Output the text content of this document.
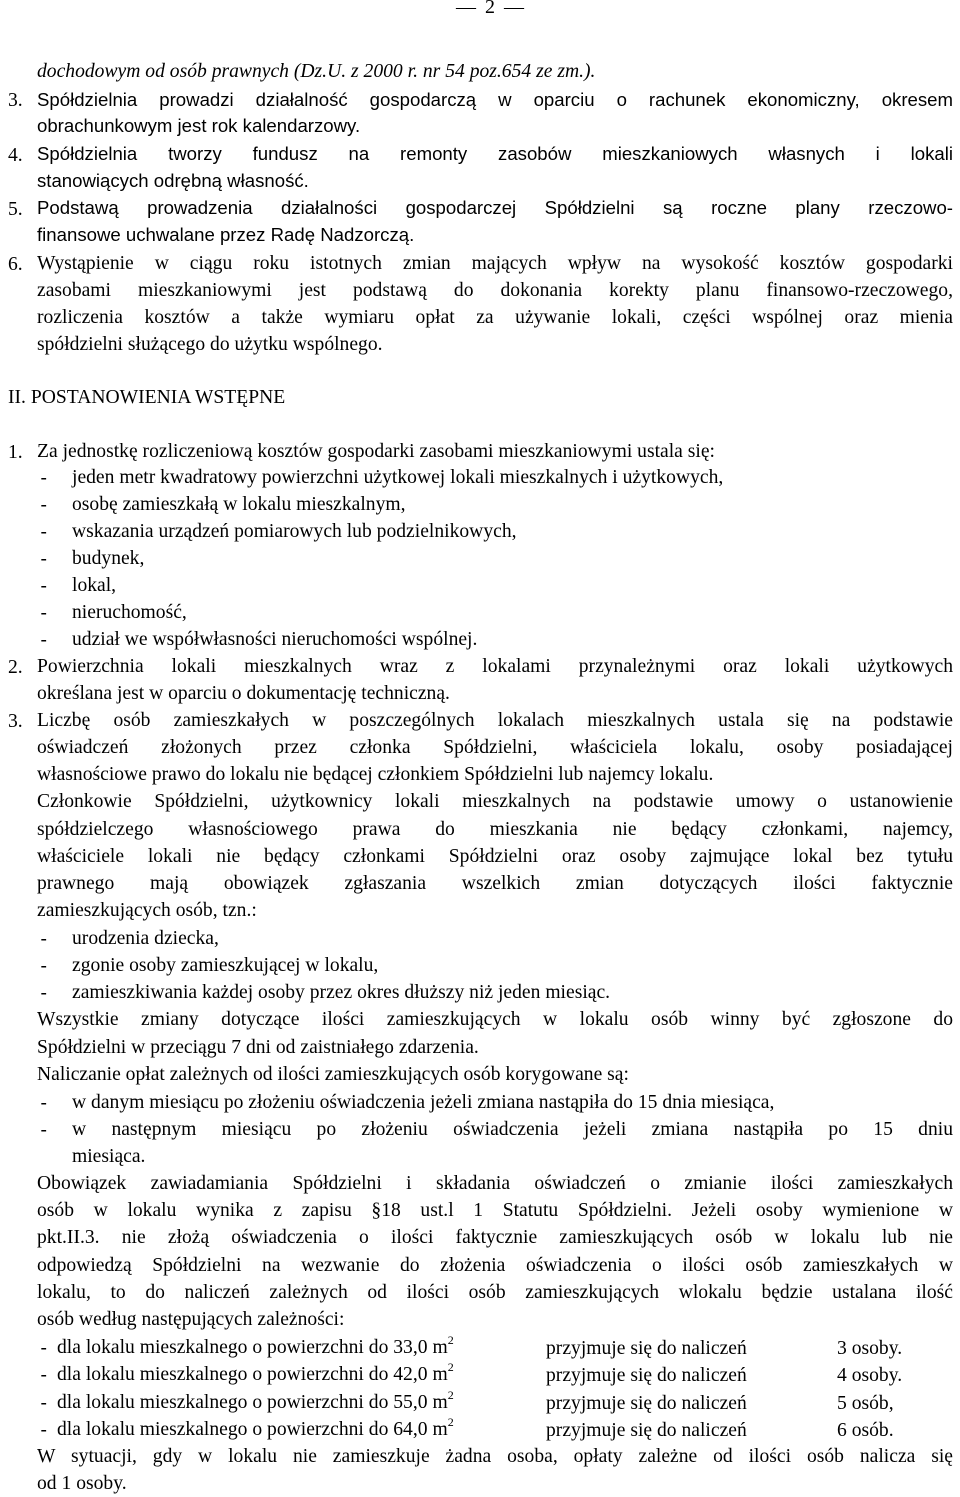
— 2 —
dochodowym od osób prawnych (Dz.U. z 2000 r. nr 54 poz.654 ze zm.).
3. Spółdzielnia prowadzi działalność gospodarczą w oparciu o rachunek ekonomiczny, okresem
obrachunkowym jest rok kalendarzowy.
4. Spółdzielnia tworzy fundusz na remonty zasobów mieszkaniowych własnych i lokali
stanowiących odrębną własność.
5. Podstawą prowadzenia działalności gospodarczej Spółdzielni są roczne plany rzeczowo-
finansowe uchwalane przez Radę Nadzorczą.
6. Wystąpienie w ciągu roku istotnych zmian mających wpływ na wysokość kosztów gospodarki
zasobami mieszkaniowymi jest podstawą do dokonania korekty planu finansowo-rzeczowego,
rozliczenia kosztów a także wymiaru opłat za używanie lokali, części wspólnej oraz mienia
spółdzielni służącego do użytku wspólnego.
II. POSTANOWIENIA WSTĘPNE
1. Za jednostkę rozliczeniową kosztów gospodarki zasobami mieszkaniowymi ustala się:
- jeden metr kwadratowy powierzchni użytkowej lokali mieszkalnych i użytkowych,
- osobę zamieszkałą w lokalu mieszkalnym,
- wskazania urządzeń pomiarowych lub podzielnikowych,
- budynek,
- lokal,
- nieruchomość,
- udział we współwłasności nieruchomości wspólnej.
2. Powierzchnia lokali mieszkalnych wraz z lokalami przynależnymi oraz lokali użytkowych
określana jest w oparciu o dokumentację techniczną.
3. Liczbę osób zamieszkałych w poszczególnych lokalach mieszkalnych ustala się na podstawie
oświadczeń złożonych przez członka Spółdzielni, właściciela lokalu, osoby posiadającej
własnościowe prawo do lokalu nie będącej członkiem Spółdzielni lub najemcy lokalu.
Członkowie Spółdzielni, użytkownicy lokali mieszkalnych na podstawie umowy o ustanowienie
spółdzielczego własnościowego prawa do mieszkania nie będący członkami, najemcy,
właściciele lokali nie będący członkami Spółdzielni oraz osoby zajmujące lokal bez tytułu
prawnego mają obowiązek zgłaszania wszelkich zmian dotyczących ilości faktycznie
zamieszkujących osób, tzn.:
- urodzenia dziecka,
- zgonie osoby zamieszkującej w lokalu,
- zamieszkiwania każdej osoby przez okres dłuższy niż jeden miesiąc.
Wszystkie zmiany dotyczące ilości zamieszkujących w lokalu osób winny być zgłoszone do
Spółdzielni w przeciągu 7 dni od zaistniałego zdarzenia.
Naliczanie opłat zależnych od ilości zamieszkujących osób korygowane są:
- w danym miesiącu po złożeniu oświadczenia jeżeli zmiana nastąpiła do 15 dnia miesiąca,
- w następnym miesiącu po złożeniu oświadczenia jeżeli zmiana nastąpiła po 15 dniu
miesiąca.
Obowiązek zawiadamiania Spółdzielni i składania oświadczeń o zmianie ilości zamieszkałych
osób w lokalu wynika z zapisu §18 ust.l 1 Statutu Spółdzielni. Jeżeli osoby wymienione w
pkt.II.3. nie złożą oświadczenia o ilości faktycznie zamieszkujących osób w lokalu lub nie
odpowiedzą Spółdzielni na wezwanie do złożenia oświadczenia o ilości osób zamieszkałych w
lokalu, to do naliczeń zależnych od ilości osób zamieszkujących wlokalu będzie ustalana ilość
osób według następujących zależności:
- dla lokalu mieszkalnego o powierzchni do 33,0 $m^2$	przyjmuje się do naliczeń	3 osoby.
- dla lokalu mieszkalnego o powierzchni do 42,0 $m^2$	przyjmuje się do naliczeń	4 osoby.
- dla lokalu mieszkalnego o powierzchni do 55,0 $m^2$	przyjmuje się do naliczeń	5 osób,
- dla lokalu mieszkalnego o powierzchni do 64,0 $m^2$	przyjmuje się do naliczeń	6 osób.
W sytuacji, gdy w lokalu nie zamieszkuje żadna osoba, opłaty zależne od ilości osób nalicza się
od 1 osoby.
